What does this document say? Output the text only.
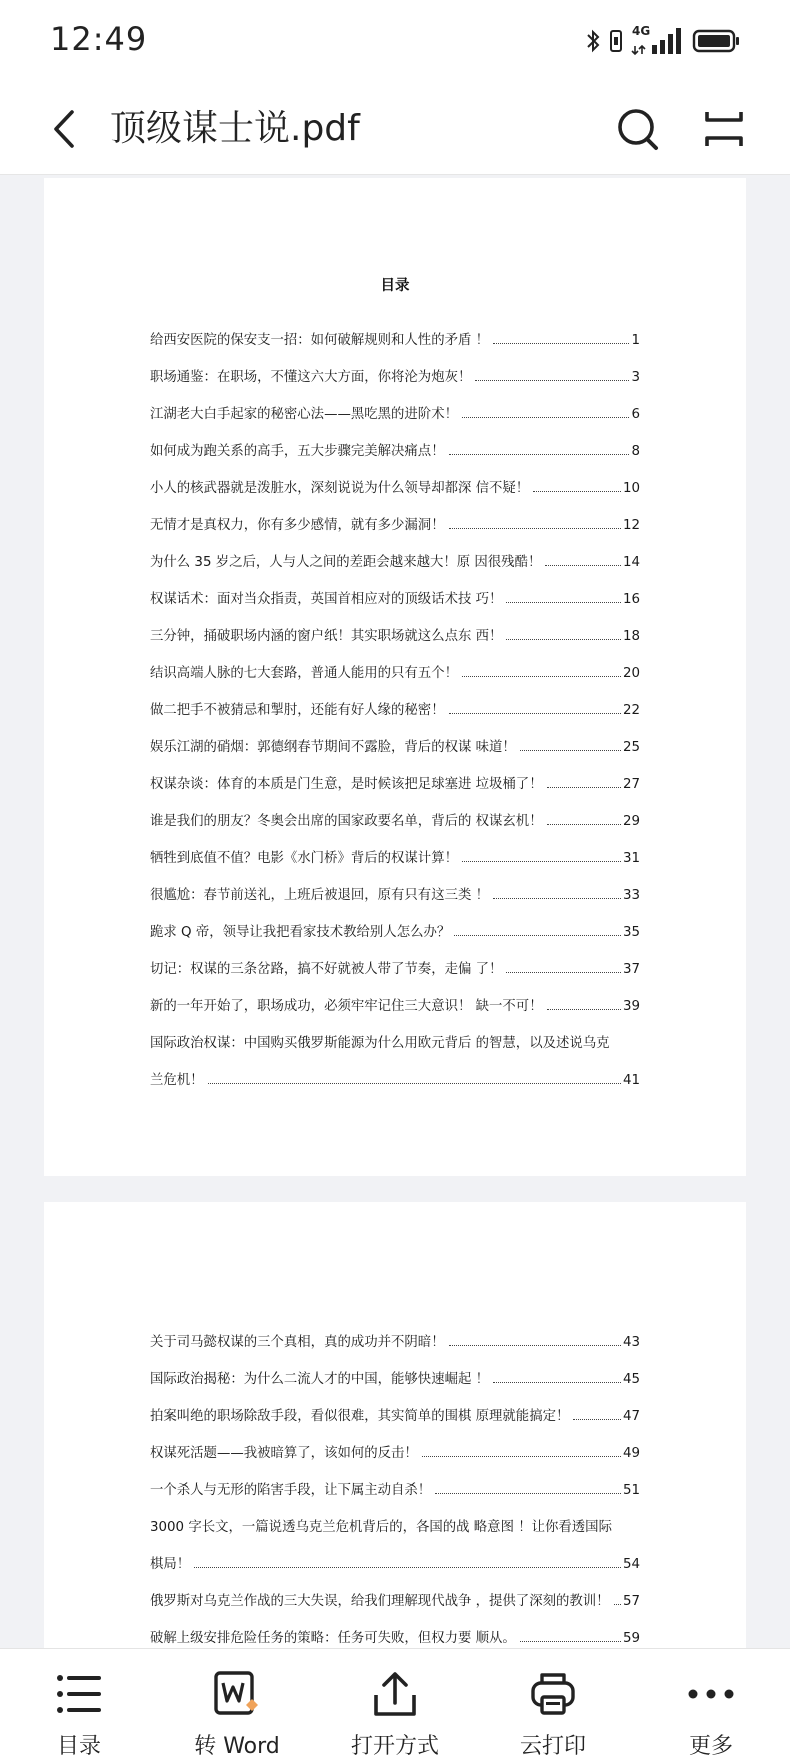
12:49	4G
顶级谋士说.pdf
目录
给西安医院的保安支一招：如何破解规则和人性的矛盾 ！	1
职场通鉴：在职场，不懂这六大方面，你将沦为炮灰！	3
江湖老大白手起家的秘密心法——黑吃黑的进阶术！	6
如何成为跑关系的高手，五大步骤完美解决痛点！	8
小人的核武器就是泼脏水，深刻说说为什么领导却都深 信不疑！	10
无情才是真权力，你有多少感情，就有多少漏洞！	12
为什么 35 岁之后，人与人之间的差距会越来越大！原 因很残酷！	14
权谋话术：面对当众指责，英国首相应对的顶级话术技 巧！	16
三分钟，捅破职场内涵的窗户纸！其实职场就这么点东 西！	18
结识高端人脉的七大套路，普通人能用的只有五个！	20
做二把手不被猜忌和掣肘，还能有好人缘的秘密！	22
娱乐江湖的硝烟：郭德纲春节期间不露脸，背后的权谋 味道！	25
权谋杂谈：体育的本质是门生意，是时候该把足球塞进 垃圾桶了！	27
谁是我们的朋友？冬奥会出席的国家政要名单，背后的 权谋玄机！	29
牺牲到底值不值？电影《水门桥》背后的权谋计算！	31
很尴尬：春节前送礼，上班后被退回，原有只有这三类 ！	33
跪求 Q 帝，领导让我把看家技术教给别人怎么办？	35
切记：权谋的三条岔路，搞不好就被人带了节奏，走偏 了！	37
新的一年开始了，职场成功，必须牢牢记住三大意识！ 缺一不可！	39
国际政治权谋：中国购买俄罗斯能源为什么用欧元背后 的智慧，以及述说乌克
兰危机！	41
关于司马懿权谋的三个真相，真的成功并不阴暗！	43
国际政治揭秘：为什么二流人才的中国，能够快速崛起 ！	45
拍案叫绝的职场除敌手段，看似很难，其实简单的围棋 原理就能搞定！	47
权谋死活题——我被暗算了，该如何的反击！	49
一个杀人与无形的陷害手段，让下属主动自杀！	51
3000 字长文，一篇说透乌克兰危机背后的，各国的战 略意图 ！让你看透国际
棋局！	54
俄罗斯对乌克兰作战的三大失误，给我们理解现代战争 ，提供了深刻的教训！ 57
破解上级安排危险任务的策略：任务可失败，但权力要 顺从。	59
目录	转 Word	打开方式	云打印	更多
